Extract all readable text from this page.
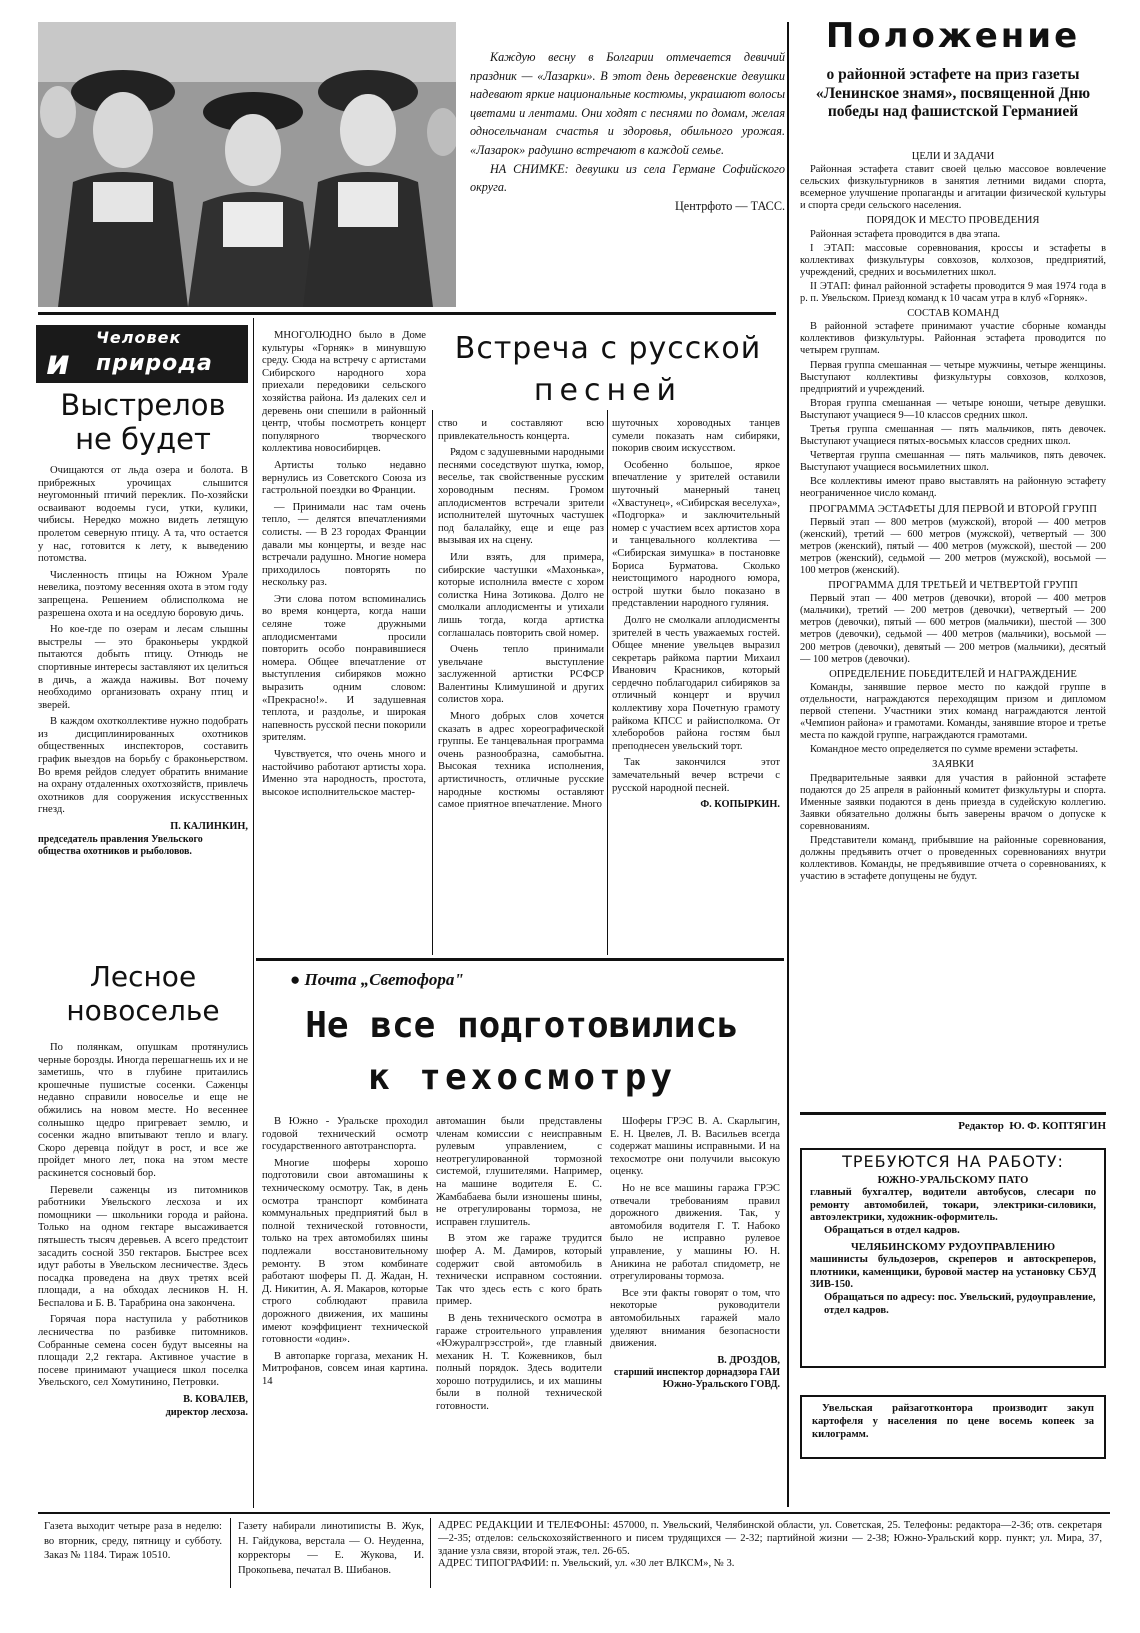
Каждую весну в Болгарии отмечается девичий праздник — «Лазарки». В этот день деревенские девушки надевают яркие национальные костюмы, украшают волосы цветами и лентами. Они ходят с песнями по домам, желая односельчанам счастья и здоровья, обильного урожая. «Лазарок» радушно встречают в каждой семье.
НА СНИМКЕ: девушки из села Германе Софийского округа.
Центрфото — ТАСС.
Человек
и природа
Выстрелов не будет

Очищаются от льда озера и болота. В прибрежных урочищах слышится неугомонный птичий переклик. По-хозяйски осваивают водоемы гуси, утки, кулики, чибисы. Нередко можно видеть летящую пролетом северную птицу. А та, что остается у нас, готовится к лету, к выведению потомства.

Численность птицы на Южном Урале невелика, поэтому весенняя охота в этом году запрещена. Решением облисполкома не разрешена охота и на оседлую боровую дичь.

Но кое-где по озерам и лесам слышны выстрелы — это браконьеры укрдкой пытаются добыть птицу. Отнюдь не спортивные интересы заставляют их целиться в дичь, а жажда наживы. Вот почему необходимо организовать охрану птиц и зверей.

В каждом охотколлективе нужно подобрать из дисциплинированных охотников общественных инспекторов, составить график выездов на борьбу с браконьерством. Во время рейдов следует обратить внимание на охрану отдаленных охотхозяйств, привлечь охотников для сооружения искусственных гнезд.

П. КАЛИНКИН,
председатель правления Увельского общества охотников и рыболовов.
Лесное
новоселье

По полянкам, опушкам протянулись черные борозды. Иногда перешагнешь их и не заметишь, что в глубине притаились крошечные пушистые сосенки. Саженцы недавно справили новоселье и еще не обжились на новом месте. Но весеннее солнышко щедро пригревает землю, и сосенки жадно впитывают тепло и влагу. Скоро деревца пойдут в рост, и все же пройдет много лет, пока на этом месте раскинется сосновый бор.

Перевели саженцы из питомников работники Увельского лесхоза и их помощники — школьники города и района. Только на одном гектаре высаживается пятьшесть тысяч деревьев. А всего предстоит засадить сосной 350 гектаров. Быстрее всех идут работы в Увельском лесничестве. Здесь посадка проведена на двух третях всей площади, а на обходах лесников Н. Н. Беспалова и Б. В. Тарабрина она закончена.

Горячая пора наступила у работников лесничества по разбивке питомников. Собранные семена сосен будут высеяны на площади 2,2 гектара. Активное участие в посеве принимают учащиеся школ поселка Увельского, сел Хомутинино, Петровки.

В. КОВАЛЕВ,
директор лесхоза.
Встреча с русской
песней

МНОГОЛЮДНО было в Доме культуры «Горняк» в минувшую среду. Сюда на встречу с артистами Сибирского народного хора приехали передовики сельского хозяйства района. Из далеких сел и деревень они спешили в районный центр, чтобы посмотреть концерт популярного творческого коллектива новосибирцев.

Артисты только недавно вернулись из Советского Союза из гастрольной поездки во Франции.

— Принимали нас там очень тепло, — делятся впечатлениями солисты. — В 23 городах Франции давали мы концерты, и везде нас встречали радушно. Многие номера приходилось повторять по нескольку раз.

Эти слова потом вспоминались во время концерта, когда наши селяне тоже дружными аплодисментами просили повторить особо понравившиеся номера. Общее впечатление от выступления сибиряков можно выразить одним словом: «Прекрасно!». И задушевная теплота, и раздолье, и широкая напевность русской песни покорили зрителям.

Чувствуется, что очень много и настойчиво работают артисты хора. Именно эта народность, простота, высокое исполнительское мастер-

ство и составляют всю привлекательность концерта.

Рядом с задушевными народными песнями соседствуют шутка, юмор, веселье, так свойственные русским хороводным песням. Громом аплодисментов встречали зрители исполнителей шуточных частушек под балалайку, еще и еще раз вызывая их на сцену.

Или взять, для примера, сибирские частушки «Махонька», которые исполнила вместе с хором солистка Нина Зотикова. Долго не смолкали аплодисменты и утихали лишь тогда, когда артистка соглашалась повторить свой номер.

Очень тепло принимали увельчане выступление заслуженной артистки РСФСР Валентины Климушиной и других солистов хора.

Много добрых слов хочется сказать в адрес хореографической группы. Ее танцевальная программа очень разнообразна, самобытна. Высокая техника исполнения, артистичность, отличные русские народные костюмы оставляют самое приятное впечатление. Много

шуточных хороводных танцев сумели показать нам сибиряки, покорив своим искусством.

Особенно большое, яркое впечатление у зрителей оставили шуточный манерный танец «Хвастунец», «Сибирская веселуха», «Подгорка» и заключительный номер с участием всех артистов хора и танцевального коллектива — «Сибирская зимушка» в постановке Бориса Бурматова. Сколько неистощимого народного юмора, острой шутки было показано в представлении народного гуляния.

Долго не смолкали аплодисменты зрителей в честь уважаемых гостей. Общее мнение увельцев выразил секретарь райкома партии Михаил Иванович Красников, который сердечно поблагодарил сибиряков за отличный концерт и вручил коллективу хора Почетную грамоту райкома КПСС и райисполкома. От хлеборобов района гостям был преподнесен увельский торт.

Так закончился этот замечательный вечер встречи с русской народной песней.

Ф. КОПЫРКИН.
● Почта „Светофора"
Не все подготовились
к техосмотру

В Южно - Уральске проходил годовой технический осмотр государственного автотранспорта.

Многие шоферы хорошо подготовили свои автомашины к техническому осмотру. Так, в день осмотра транспорт комбината коммунальных предприятий был в полной технической готовности, только на трех автомобилях шины подлежали восстановительному ремонту. В этом комбинате работают шоферы П. Д. Жадан, Н. Д. Никитин, А. Я. Макаров, которые строго соблюдают правила дорожного движения, их машины имеют коэффициент технической готовности «один».

В автопарке горгаза, механик Н. Митрофанов, совсем иная картина. 14

автомашин были представлены членам комиссии с неисправным рулевым управлением, с неотрегулированной тормозной системой, глушителями. Например, на машине водителя Е. С. Жамбабаева были изношены шины, не отрегулированы тормоза, не исправен глушитель.

В этом же гараже трудится шофер А. М. Дамиров, который содержит свой автомобиль в технически исправном состоянии. Так что здесь есть с кого брать пример.

В день технического осмотра в гараже строительного управления «Южуралгрэсстрой», где главный механик Н. Т. Кожевников, был полный порядок. Здесь водители хорошо потрудились, и их машины были в полной технической готовности.

Шоферы ГРЭС В. А. Скарлыгин, Е. Н. Цвелев, Л. В. Васильев всегда содержат машины исправными. И на техосмотре они получили высокую оценку.

Но не все машины гаража ГРЭС отвечали требованиям правил дорожного движения. Так, у автомобиля водителя Г. Т. Набоко было не исправно рулевое управление, у машины Ю. Н. Аникина не работал спидометр, не отрегулированы тормоза.

Все эти факты говорят о том, что некоторые руководители автомобильных гаражей мало уделяют внимания безопасности движения.

В. ДРОЗДОВ,
старший инспектор дорнадзора ГАИ Южно-Уральского ГОВД.
Положение
о районной эстафете на приз газеты «Ленинское знамя», посвященной Дню победы над фашистской Германией
ЦЕЛИ И ЗАДАЧИ

Районная эстафета ставит своей целью массовое вовлечение сельских физкультурников в занятия летними видами спорта, всемерное улучшение пропаганды и агитации физической культуры и спорта среди сельского населения.

ПОРЯДОК И МЕСТО ПРОВЕДЕНИЯ

Районная эстафета проводится в два этапа.

I ЭТАП: массовые соревнования, кроссы и эстафеты в коллективах физкультуры совхозов, колхозов, предприятий, учреждений, средних и восьмилетних школ.

II ЭТАП: финал районной эстафеты проводится 9 мая 1974 года в р. п. Увельском. Приезд команд к 10 часам утра в клуб «Горняк».

СОСТАВ КОМАНД

В районной эстафете принимают участие сборные команды коллективов физкультуры. Районная эстафета проводится по четырем группам.

Первая группа смешанная — четыре мужчины, четыре женщины. Выступают коллективы физкультуры совхозов, колхозов, предприятий и учреждений.

Вторая группа смешанная — четыре юноши, четыре девушки. Выступают учащиеся 9—10 классов средних школ.

Третья группа смешанная — пять мальчиков, пять девочек. Выступают учащиеся пятых-восьмых классов средних школ.

Четвертая группа смешанная — пять мальчиков, пять девочек. Выступают учащиеся восьмилетних школ.

Все коллективы имеют право выставлять на районную эстафету неограниченное число команд.

ПРОГРАММА ЭСТАФЕТЫ ДЛЯ ПЕРВОЙ И ВТОРОЙ ГРУПП

Первый этап — 800 метров (мужской), второй — 400 метров (женский), третий — 600 метров (мужской), четвертый — 300 метров (женский), пятый — 400 метров (мужской), шестой — 200 метров (женский), седьмой — 200 метров (мужской), восьмой — 100 метров (женский).

ПРОГРАММА ДЛЯ ТРЕТЬЕЙ И ЧЕТВЕРТОЙ ГРУПП

Первый этап — 400 метров (девочки), второй — 400 метров (мальчики), третий — 200 метров (девочки), четвертый — 200 метров (девочки), пятый — 600 метров (мальчики), шестой — 300 метров (девочки), седьмой — 400 метров (мальчики), восьмой — 200 метров (девочки), девятый — 200 метров (мальчики), десятый — 100 метров (девочки).

ОПРЕДЕЛЕНИЕ ПОБЕДИТЕЛЕЙ И НАГРАЖДЕНИЕ

Команды, занявшие первое место по каждой группе в отдельности, награждаются переходящим призом и дипломом первой степени. Участники этих команд награждаются лентой «Чемпион района» и грамотами. Команды, занявшие второе и третье места по каждой группе, награждаются грамотами.

Командное место определяется по сумме времени эстафеты.

ЗАЯВКИ

Предварительные заявки для участия в районной эстафете подаются до 25 апреля в районный комитет физкультуры и спорта. Именные заявки подаются в день приезда в судейскую коллегию. Заявки обязательно должны быть заверены врачом о допуске к соревнованиям.

Представители команд, прибывшие на районные соревнования, должны предъявить отчет о проведенных соревнованиях внутри коллективов. Команды, не предъявившие отчета о соревнованиях, к участию в эстафете допущены не будут.

Редактор Ю. Ф. КОПТЯГИН
ТРЕБУЮТСЯ НА РАБОТУ:
ЮЖНО-УРАЛЬСКОМУ ПАТО
главный бухгалтер, водители автобусов, слесари по ремонту автомобилей, токари, электрики-силовики, автоэлектрики, художник-оформитель.
Обращаться в отдел кадров.
ЧЕЛЯБИНСКОМУ РУДОУПРАВЛЕНИЮ
машинисты бульдозеров, скреперов и автоскреперов, плотники, каменщики, буровой мастер на установку СБУД ЗИВ-150.
Обращаться по адресу: пос. Увельский, рудоуправление, отдел кадров.
Увельская райзаготконтора производит закуп картофеля у населения по цене восемь копеек за килограмм.
Газета выходит четыре раза в неделю: во вторник, среду, пятницу и субботу. Заказ № 1184. Тираж 10510.
Газету набирали линотиписты В. Жук, Н. Гайдукова, верстала — О. Неуденна, корректоры — Е. Жукова, И. Прокопьева, печатал В. Шибанов.
АДРЕС РЕДАКЦИИ И ТЕЛЕФОНЫ: 457000, п. Увельский, Челябинской области, ул. Советская, 25. Телефоны: редактора—2-36; отв. секретаря —2-35; отделов: сельскохозяйственного и писем трудящихся — 2-32; партийной жизни — 2-38; Южно-Уральский корр. пункт; ул. Мира, 37, здание узла связи, второй этаж, тел. 26-65.
АДРЕС ТИПОГРАФИИ: п. Увельский, ул. «30 лет ВЛКСМ», № 3.
